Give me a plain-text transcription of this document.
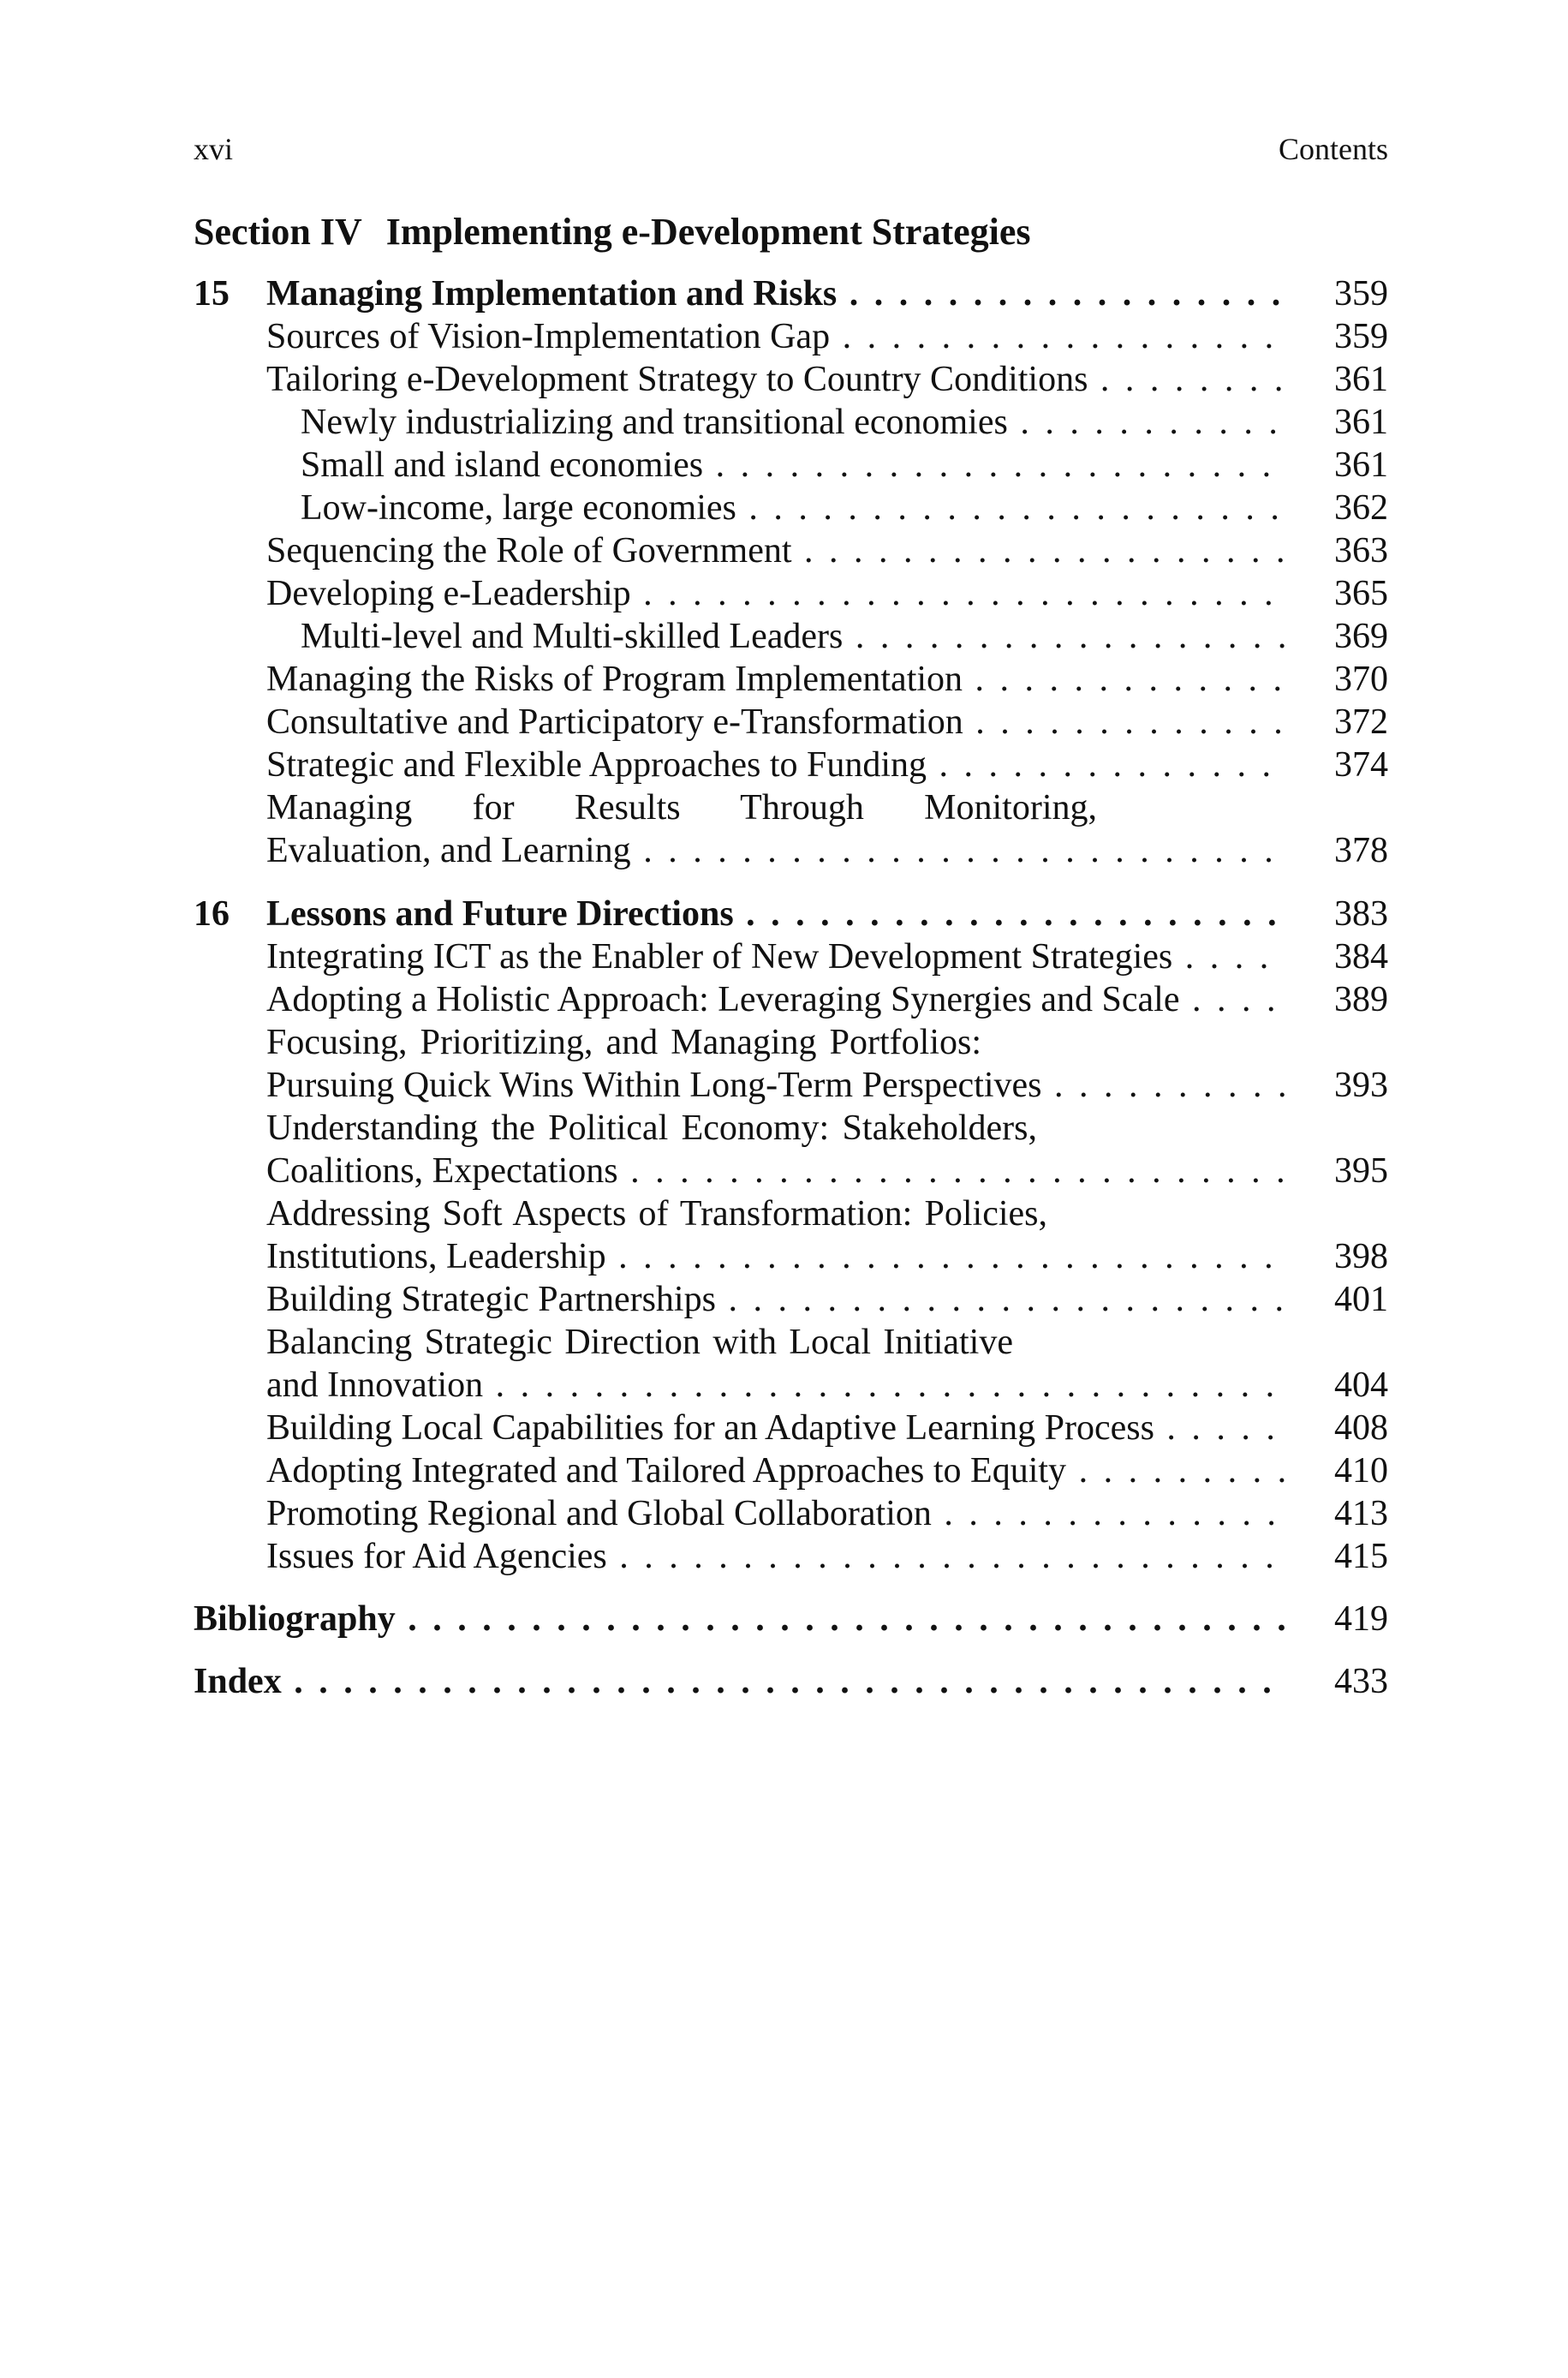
xvi	Contents
Section IV Implementing e-Development Strategies
15 Managing Implementation and Risks . . .	359
Sources of Vision-Implementation Gap . . .	359
Tailoring e-Development Strategy to Country Conditions . . .	361
Newly industrializing and transitional economies . . .	361
Small and island economies . . .	361
Low-income, large economies . . .	362
Sequencing the Role of Government . . .	363
Developing e-Leadership . . .	365
Multi-level and Multi-skilled Leaders . . .	369
Managing the Risks of Program Implementation . . .	370
Consultative and Participatory e-Transformation . . .	372
Strategic and Flexible Approaches to Funding . . .	374
Managing for Results Through Monitoring,
Evaluation, and Learning . . .	378
16 Lessons and Future Directions . . .	383
Integrating ICT as the Enabler of New Development Strategies . . .	384
Adopting a Holistic Approach: Leveraging Synergies and Scale . . .	389
Focusing, Prioritizing, and Managing Portfolios:
Pursuing Quick Wins Within Long-Term Perspectives . . .	393
Understanding the Political Economy: Stakeholders,
Coalitions, Expectations . . .	395
Addressing Soft Aspects of Transformation: Policies,
Institutions, Leadership . . .	398
Building Strategic Partnerships . . .	401
Balancing Strategic Direction with Local Initiative
and Innovation . . .	404
Building Local Capabilities for an Adaptive Learning Process . . .	408
Adopting Integrated and Tailored Approaches to Equity . . .	410
Promoting Regional and Global Collaboration . . .	413
Issues for Aid Agencies . . .	415
Bibliography . . .	419
Index . . .	433
